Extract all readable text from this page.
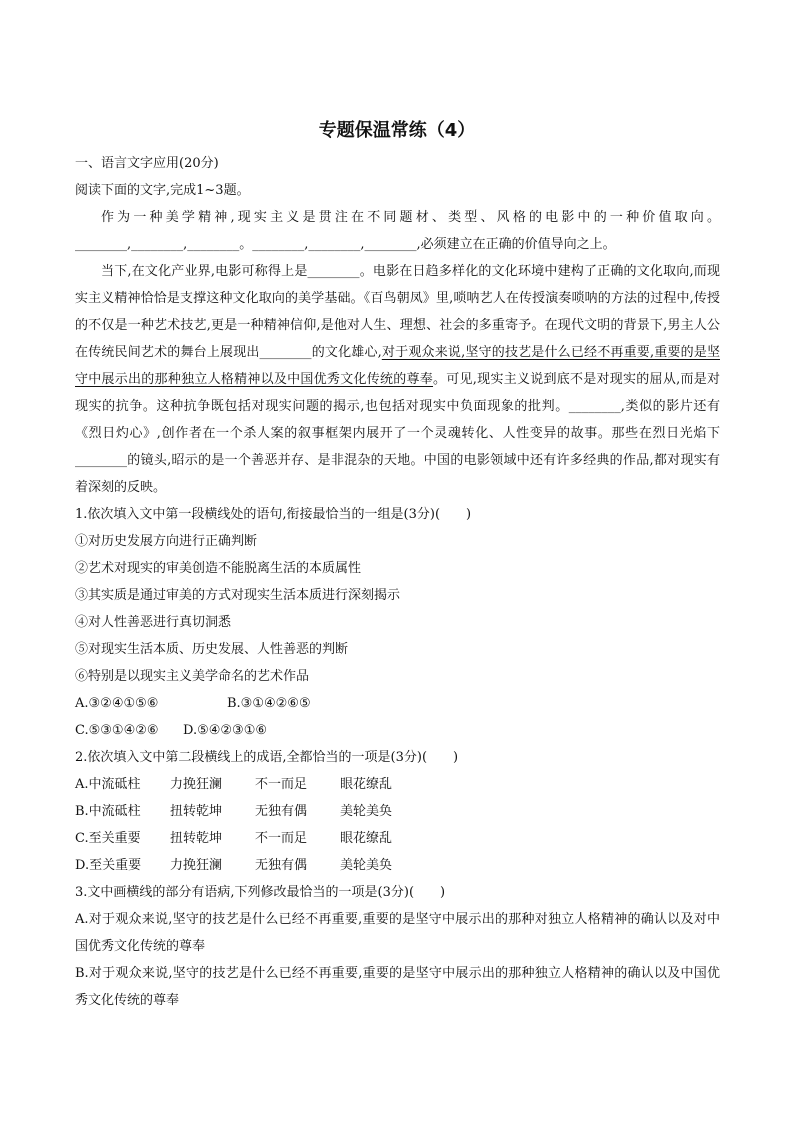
专题保温常练（4）
一、语言文字应用(20分)
阅读下面的文字,完成1~3题。
作为一种美学精神,现实主义是贯注在不同题材、类型、风格的电影中的一种价值取向。________,________,________。________,________,________,必须建立在正确的价值导向之上。
当下,在文化产业界,电影可称得上是________。电影在日趋多样化的文化环境中建构了正确的文化取向,而现实主义精神恰恰是支撑这种文化取向的美学基础。《百鸟朝凤》里,唢呐艺人在传授演奏唢呐的方法的过程中,传授的不仅是一种艺术技艺,更是一种精神信仰,是他对人生、理想、社会的多重寄予。在现代文明的背景下,男主人公在传统民间艺术的舞台上展现出________的文化雄心,对于观众来说,坚守的技艺是什么已经不再重要,重要的是坚守中展示出的那种独立人格精神以及中国优秀文化传统的尊奉。可见,现实主义说到底不是对现实的屈从,而是对现实的抗争。这种抗争既包括对现实问题的揭示,也包括对现实中负面现象的批判。________,类似的影片还有《烈日灼心》,创作者在一个杀人案的叙事框架内展开了一个灵魂转化、人性变异的故事。那些在烈日光焰下________的镜头,昭示的是一个善恶并存、是非混杂的天地。中国的电影领域中还有许多经典的作品,都对现实有着深刻的反映。
1.依次填入文中第一段横线处的语句,衔接最恰当的一组是(3分)(　　)
①对历史发展方向进行正确判断
②艺术对现实的审美创造不能脱离生活的本质属性
③其实质是通过审美的方式对现实生活本质进行深刻揭示
④对人性善恶进行真切洞悉
⑤对现实生活本质、历史发展、人性善恶的判断
⑥特别是以现实主义美学命名的艺术作品
A.③②④①⑤⑥	B.③①④②⑥⑤
C.⑤③①④②⑥ D.⑤④②③①⑥
2.依次填入文中第二段横线上的成语,全都恰当的一项是(3分)(　　)
A.中流砥柱 力挽狂澜	不一而足	眼花缭乱
B.中流砥柱 扭转乾坤	无独有偶	美轮美奂
C.至关重要 扭转乾坤	不一而足	眼花缭乱
D.至关重要 力挽狂澜	无独有偶	美轮美奂
3.文中画横线的部分有语病,下列修改最恰当的一项是(3分)(　　)
A.对于观众来说,坚守的技艺是什么已经不再重要,重要的是坚守中展示出的那种对独立人格精神的确认以及对中国优秀文化传统的尊奉
B.对于观众来说,坚守的技艺是什么已经不再重要,重要的是坚守中展示出的那种独立人格精神的确认以及中国优秀文化传统的尊奉
